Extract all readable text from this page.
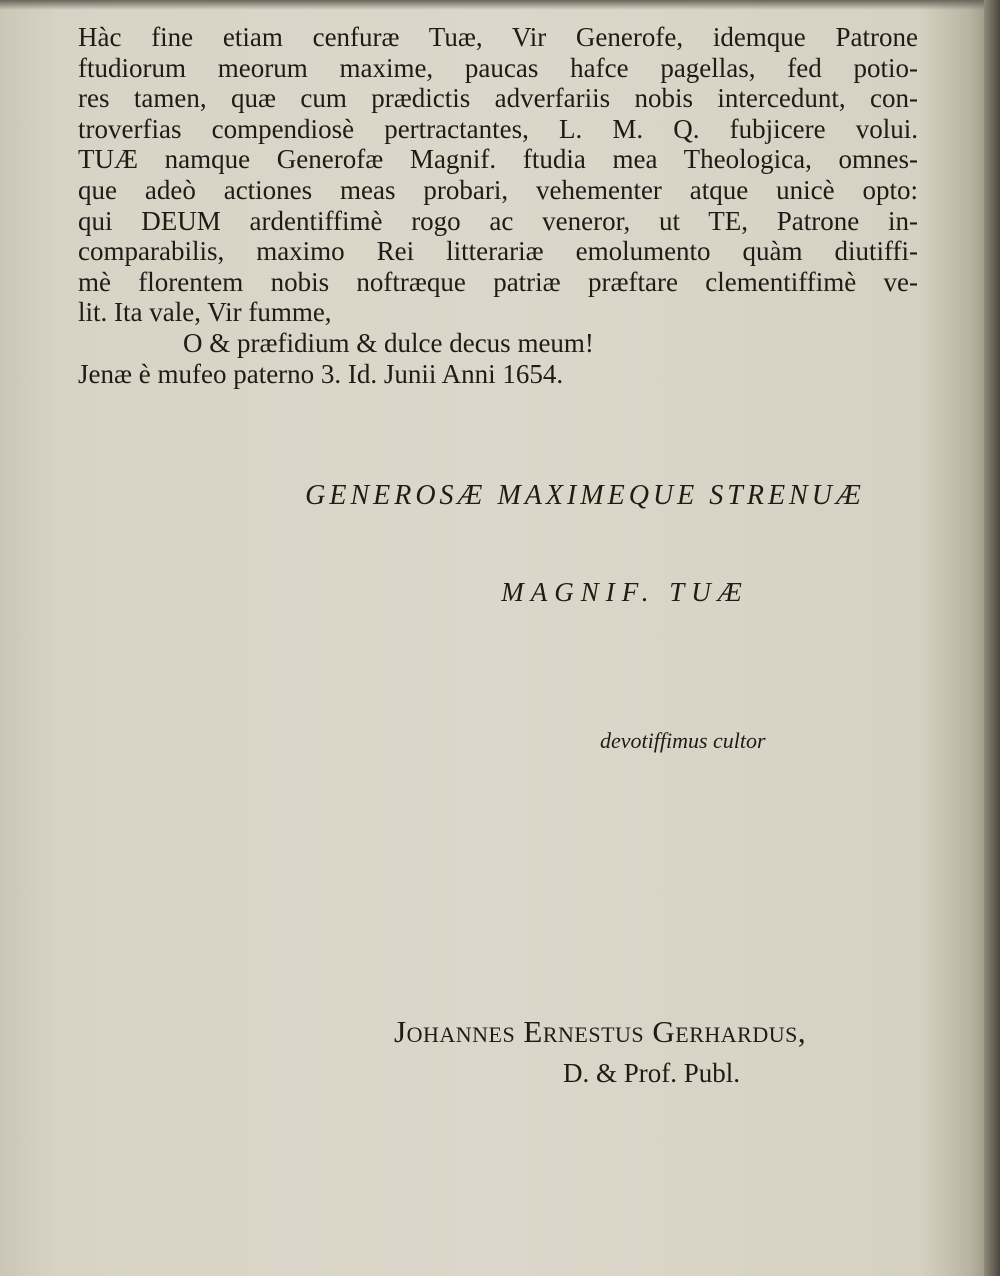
Hàc fine etiam cenfuræ Tuæ, Vir Generofe, idemque Patrone
ftudiorum meorum maxime, paucas hafce pagellas, fed potio-
res tamen, quæ cum prædictis adverfariis nobis intercedunt, con-
troverfias compendiosè pertractantes, L. M. Q. fubjicere volui.
TUÆ namque Generofæ Magnif. ftudia mea Theologica, omnes-
que adeò actiones meas probari, vehementer atque unicè opto:
qui DEUM ardentiffimè rogo ac veneror, ut TE, Patrone in-
comparabilis, maximo Rei litterariæ emolumento quàm diutiffi-
mè florentem nobis noftræque patriæ præftare clementiffimè ve-
lit. Ita vale, Vir fumme,
O & præfidium & dulce decus meum!
Jenæ è mufeo paterno 3. Id. Junii Anni 1654.
GENEROSÆ MAXIMEQUE STRENUÆ
MAGNIF. TUÆ
devotiffimus cultor
Johannes Ernestus Gerhardus,
D. & Prof. Publ.
